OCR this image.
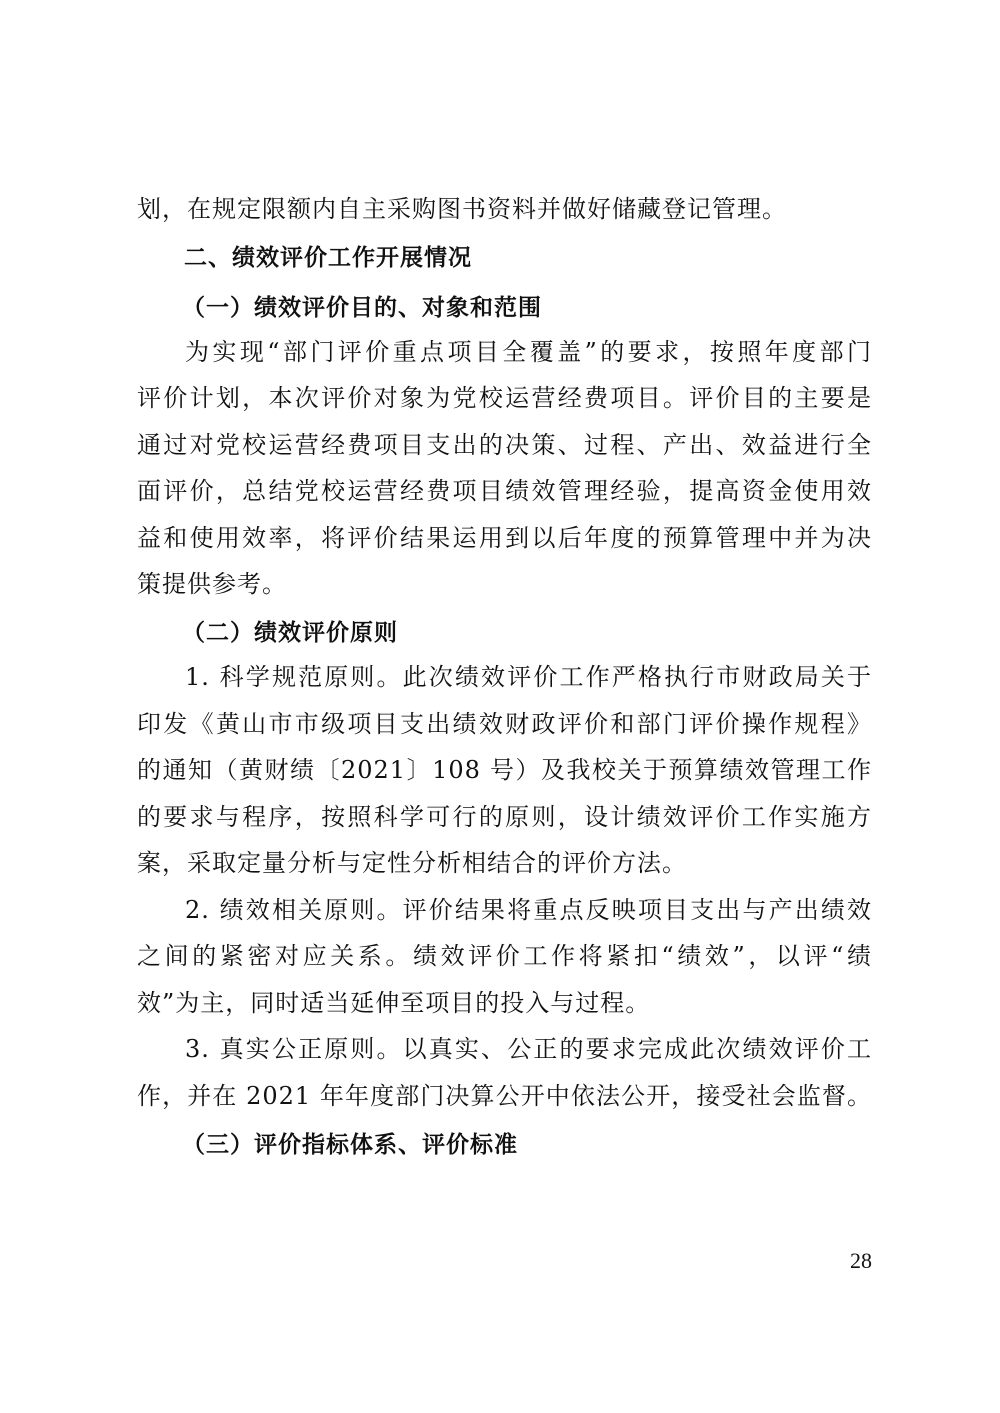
划，在规定限额内自主采购图书资料并做好储藏登记管理。
二、绩效评价工作开展情况
（一）绩效评价目的、对象和范围
为实现“部门评价重点项目全覆盖”的要求，按照年度部门
评价计划，本次评价对象为党校运营经费项目。评价目的主要是
通过对党校运营经费项目支出的决策、过程、产出、效益进行全
面评价，总结党校运营经费项目绩效管理经验，提高资金使用效
益和使用效率，将评价结果运用到以后年度的预算管理中并为决
策提供参考。
（二）绩效评价原则
1. 科学规范原则。此次绩效评价工作严格执行市财政局关于
印发《黄山市市级项目支出绩效财政评价和部门评价操作规程》
的通知（黄财绩〔2021〕108 号）及我校关于预算绩效管理工作
的要求与程序，按照科学可行的原则，设计绩效评价工作实施方
案，采取定量分析与定性分析相结合的评价方法。
2. 绩效相关原则。评价结果将重点反映项目支出与产出绩效
之间的紧密对应关系。绩效评价工作将紧扣“绩效”，以评“绩
效”为主，同时适当延伸至项目的投入与过程。
3. 真实公正原则。以真实、公正的要求完成此次绩效评价工
作，并在 2021 年年度部门决算公开中依法公开，接受社会监督。
（三）评价指标体系、评价标准
28
